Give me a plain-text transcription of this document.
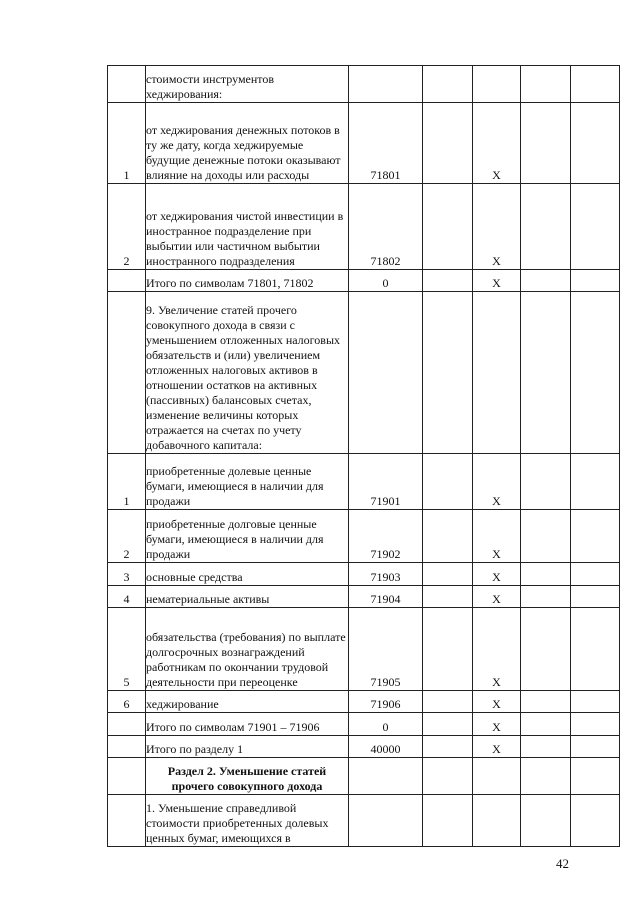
	стоимости инструментов хеджирования:					
1	от хеджирования денежных потоков в ту же дату, когда хеджируемые будущие денежные потоки оказывают влияние на доходы или расходы	71801		X		
2	от хеджирования чистой инвестиции в иностранное подразделение при выбытии или частичном выбытии иностранного подразделения	71802		X		
	Итого по символам 71801, 71802	0		X		
	9. Увеличение статей прочего совокупного дохода в связи с уменьшением отложенных налоговых обязательств и (или) увеличением отложенных налоговых активов в отношении остатков на активных (пассивных) балансовых счетах, изменение величины которых отражается на счетах по учету добавочного капитала:					
1	приобретенные долевые ценные бумаги, имеющиеся в наличии для продажи	71901		X		
2	приобретенные долговые ценные бумаги, имеющиеся в наличии для продажи	71902		X		
3	основные средства	71903		X		
4	нематериальные активы	71904		X		
5	обязательства (требования) по выплате долгосрочных вознаграждений работникам по окончании трудовой деятельности при переоценке	71905		X		
6	хеджирование	71906		X		
	Итого по символам 71901 – 71906	0		X		
	Итого по разделу 1	40000		X		
	Раздел 2. Уменьшение статей прочего совокупного дохода					
	1. Уменьшение справедливой стоимости приобретенных долевых ценных бумаг, имеющихся в					
42
